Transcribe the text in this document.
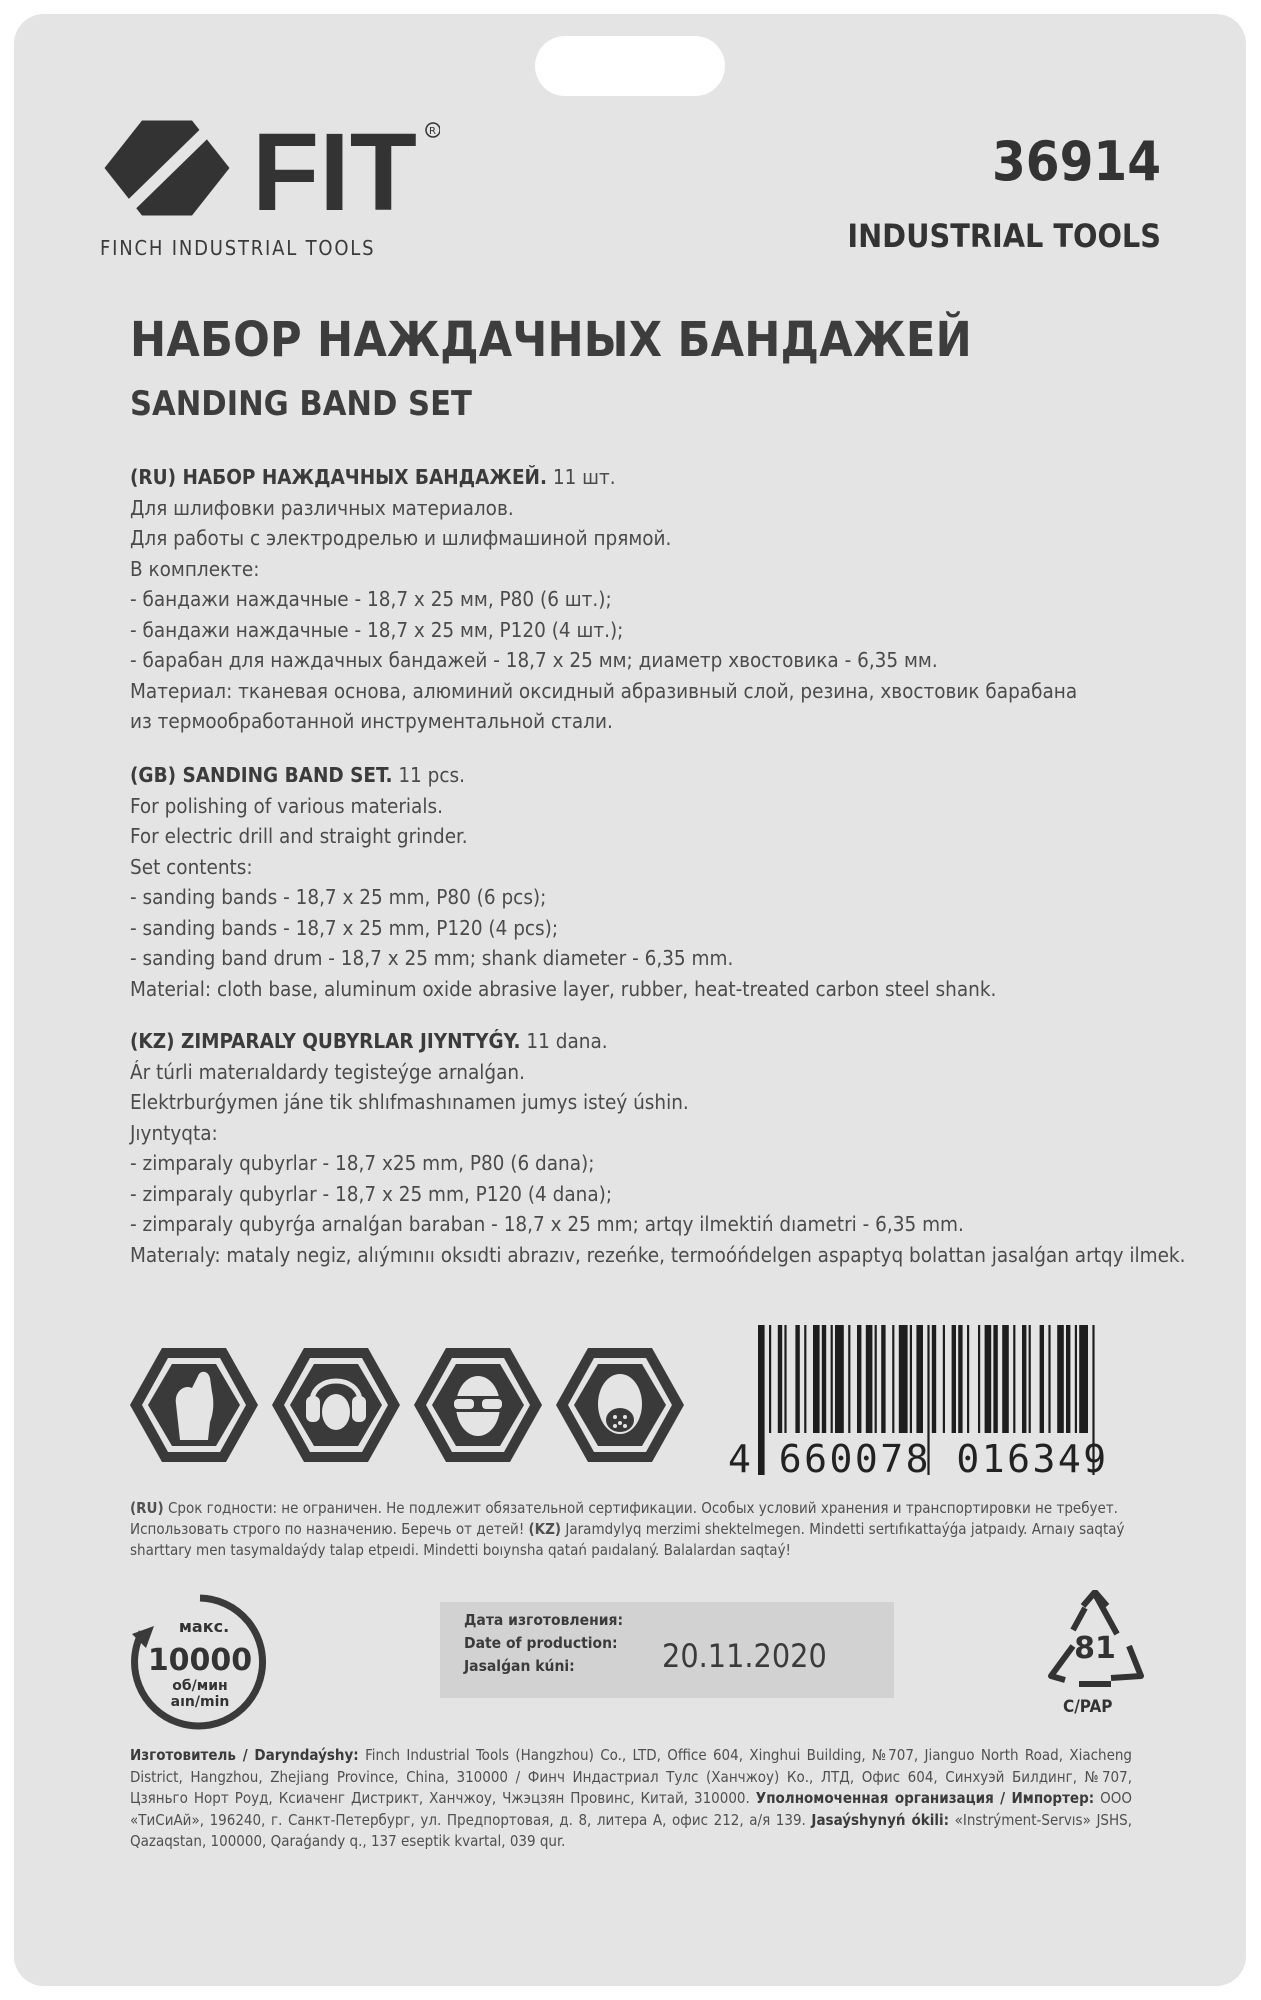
FIT R
FINCH INDUSTRIAL TOOLS
36914
INDUSTRIAL TOOLS
НАБОР НАЖДАЧНЫХ БАНДАЖЕЙ
SANDING BAND SET
(RU) НАБОР НАЖДАЧНЫХ БАНДАЖЕЙ. 11 шт.
Для шлифовки различных материалов.
Для работы с электродрелью и шлифмашиной прямой.
В комплекте:
- бандажи наждачные - 18,7 х 25 мм, Р80 (6 шт.);
- бандажи наждачные - 18,7 х 25 мм, Р120 (4 шт.);
- барабан для наждачных бандажей - 18,7 х 25 мм; диаметр хвостовика - 6,35 мм.
Материал: тканевая основа, алюминий оксидный абразивный слой, резина, хвостовик барабана
из термообработанной инструментальной стали.
(GB) SANDING BAND SET. 11 pcs.
For polishing of various materials.
For electric drill and straight grinder.
Set contents:
- sanding bands - 18,7 x 25 mm, P80 (6 pcs);
- sanding bands - 18,7 x 25 mm, P120 (4 pcs);
- sanding band drum - 18,7 x 25 mm; shank diameter - 6,35 mm.
Material: cloth base, aluminum oxide abrasive layer, rubber, heat-treated carbon steel shank.
(KZ) ZIMPARALY QUBYRLAR JIYNTYǴY. 11 dana.
Ár túrli materıaldardy tegisteýge arnalǵan.
Elektrburǵymen jáne tik shlıfmashınamen jumys isteý úshin.
Jıyntyqta:
- zimparaly qubyrlar - 18,7 x25 mm, P80 (6 dana);
- zimparaly qubyrlar - 18,7 x 25 mm, P120 (4 dana);
- zimparaly qubyrǵa arnalǵan baraban - 18,7 x 25 mm; artqy ilmektiń dıametri - 6,35 mm.
Materıaly: mataly negiz, alıýmınıı oksıdti abrazıv, rezeńke, termoóńdelgen aspaptyq bolattan jasalǵan artqy ilmek.
4 660078 016349
(RU) Срок годности: не ограничен. Не подлежит обязательной сертификации. Особых условий хранения и транспортировки не требует.
Использовать строго по назначению. Беречь от детей! (KZ) Jaramdylyq merzimi shektelmegen. Mindetti sertıfıkattaýǵa jatpaıdy. Arnaıy saqtaý
sharttary men tasymaldaýdy talap etpeıdi. Mindetti boıynsha qatań paıdalaný. Balalardan saqtaý!
макс.
10000
об/мин
aın/min
Дата изготовления:
Date of production:
Jasalǵan kúni:	20.11.2020	81
C/PAP
Изготовитель / Daryndaýshy: Finch Industrial Tools (Hangzhou) Co., LTD, Office 604, Xinghui Building, №707, Jianguo North Road, Xiacheng District, Hangzhou, Zhejiang Province, China, 310000 / Финч Индастриал Тулс (Ханчжоу) Ко., ЛТД, Офис 604, Синхуэй Билдинг, №707, Цзяньго Норт Роуд, Ксиачeнг Дистрикт, Ханчжоу, Чжэцзян Провинс, Китай, 310000. Уполномоченная организация / Импортер: ООО «ТиСиАй», 196240, г. Санкт-Петербург, ул. Предпортовая, д. 8, литера А, офис 212, а/я 139. Jasaýshynyń ókili: «Instrýment-Servıs» JSHS, Qazaqstan, 100000, Qaraǵandy q., 137 eseptik kvartal, 039 qur.
